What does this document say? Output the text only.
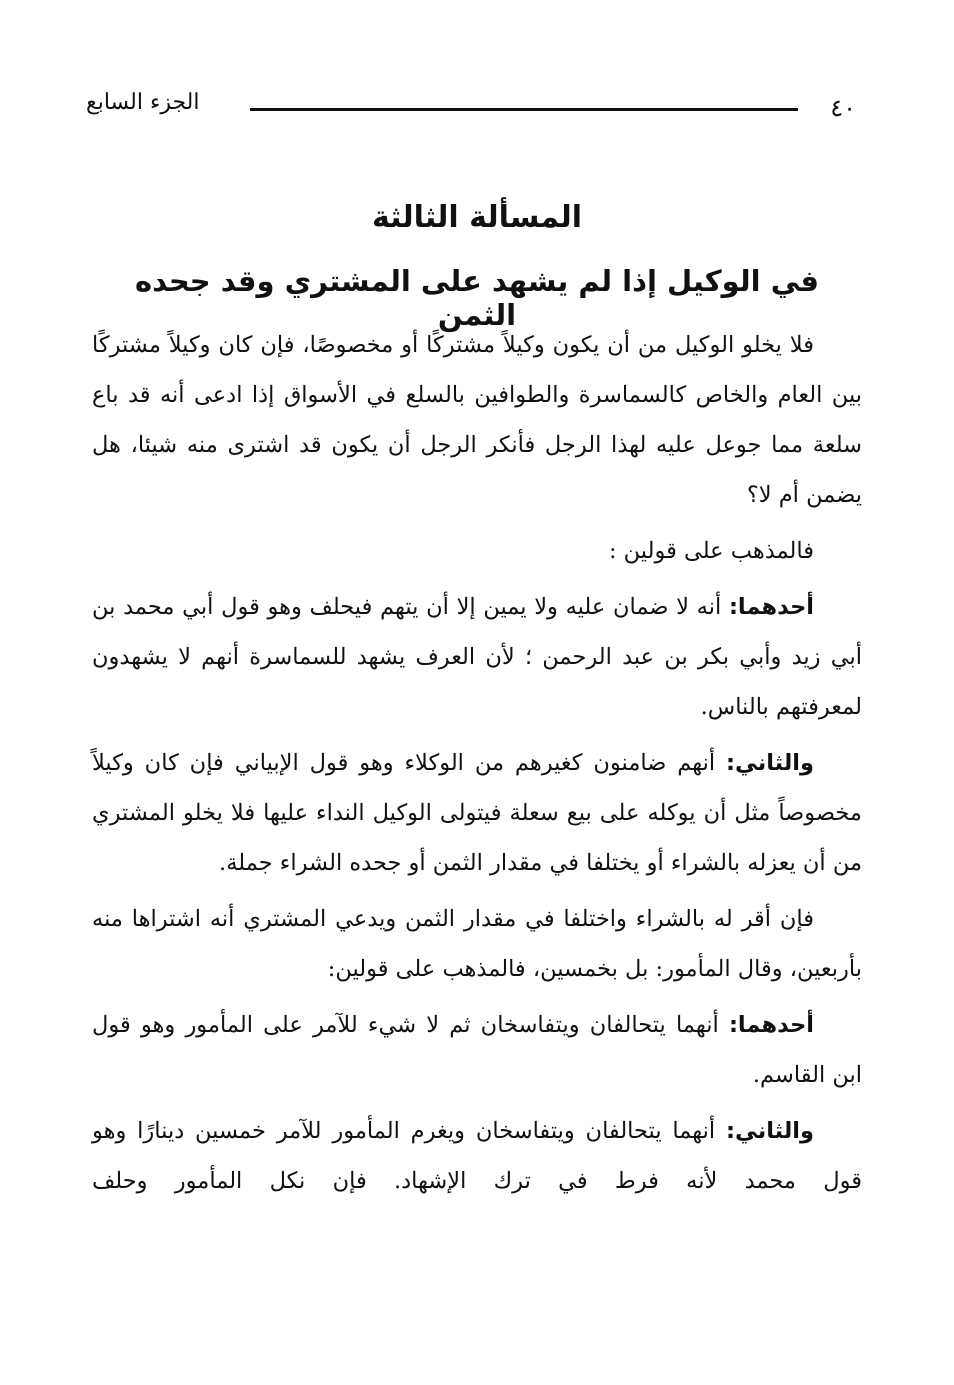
٤٠
الجزء السابع
المسألة الثالثة
في الوكيل إذا لم يشهد على المشتري وقد جحده الثمن

فلا يخلو الوكيل من أن يكون وكيلاً مشتركًا أو مخصوصًا، فإن كان وكيلاً مشتركًا بين العام والخاص كالسماسرة والطوافين بالسلع في الأسواق إذا ادعى أنه قد باع سلعة مما جوعل عليه لهذا الرجل فأنكر الرجل أن يكون قد اشترى منه شيئا، هل يضمن أم لا؟

فالمذهب على قولين :

أحدهما: أنه لا ضمان عليه ولا يمين إلا أن يتهم فيحلف وهو قول أبي محمد بن أبي زيد وأبي بكر بن عبد الرحمن ؛ لأن العرف يشهد للسماسرة أنهم لا يشهدون لمعرفتهم بالناس.

والثاني: أنهم ضامنون كغيرهم من الوكلاء وهو قول الإبياني فإن كان وكيلاً مخصوصاً مثل أن يوكله على بيع سعلة فيتولى الوكيل النداء عليها فلا يخلو المشتري من أن يعزله بالشراء أو يختلفا في مقدار الثمن أو جحده الشراء جملة.

فإن أقر له بالشراء واختلفا في مقدار الثمن ويدعي المشتري أنه اشتراها منه بأربعين، وقال المأمور: بل بخمسين، فالمذهب على قولين:

أحدهما: أنهما يتحالفان ويتفاسخان ثم لا شيء للآمر على المأمور وهو قول ابن القاسم.

والثاني: أنهما يتحالفان ويتفاسخان ويغرم المأمور للآمر خمسين دينارًا وهو قول محمد لأنه فرط في ترك الإشهاد. فإن نكل المأمور وحلف
